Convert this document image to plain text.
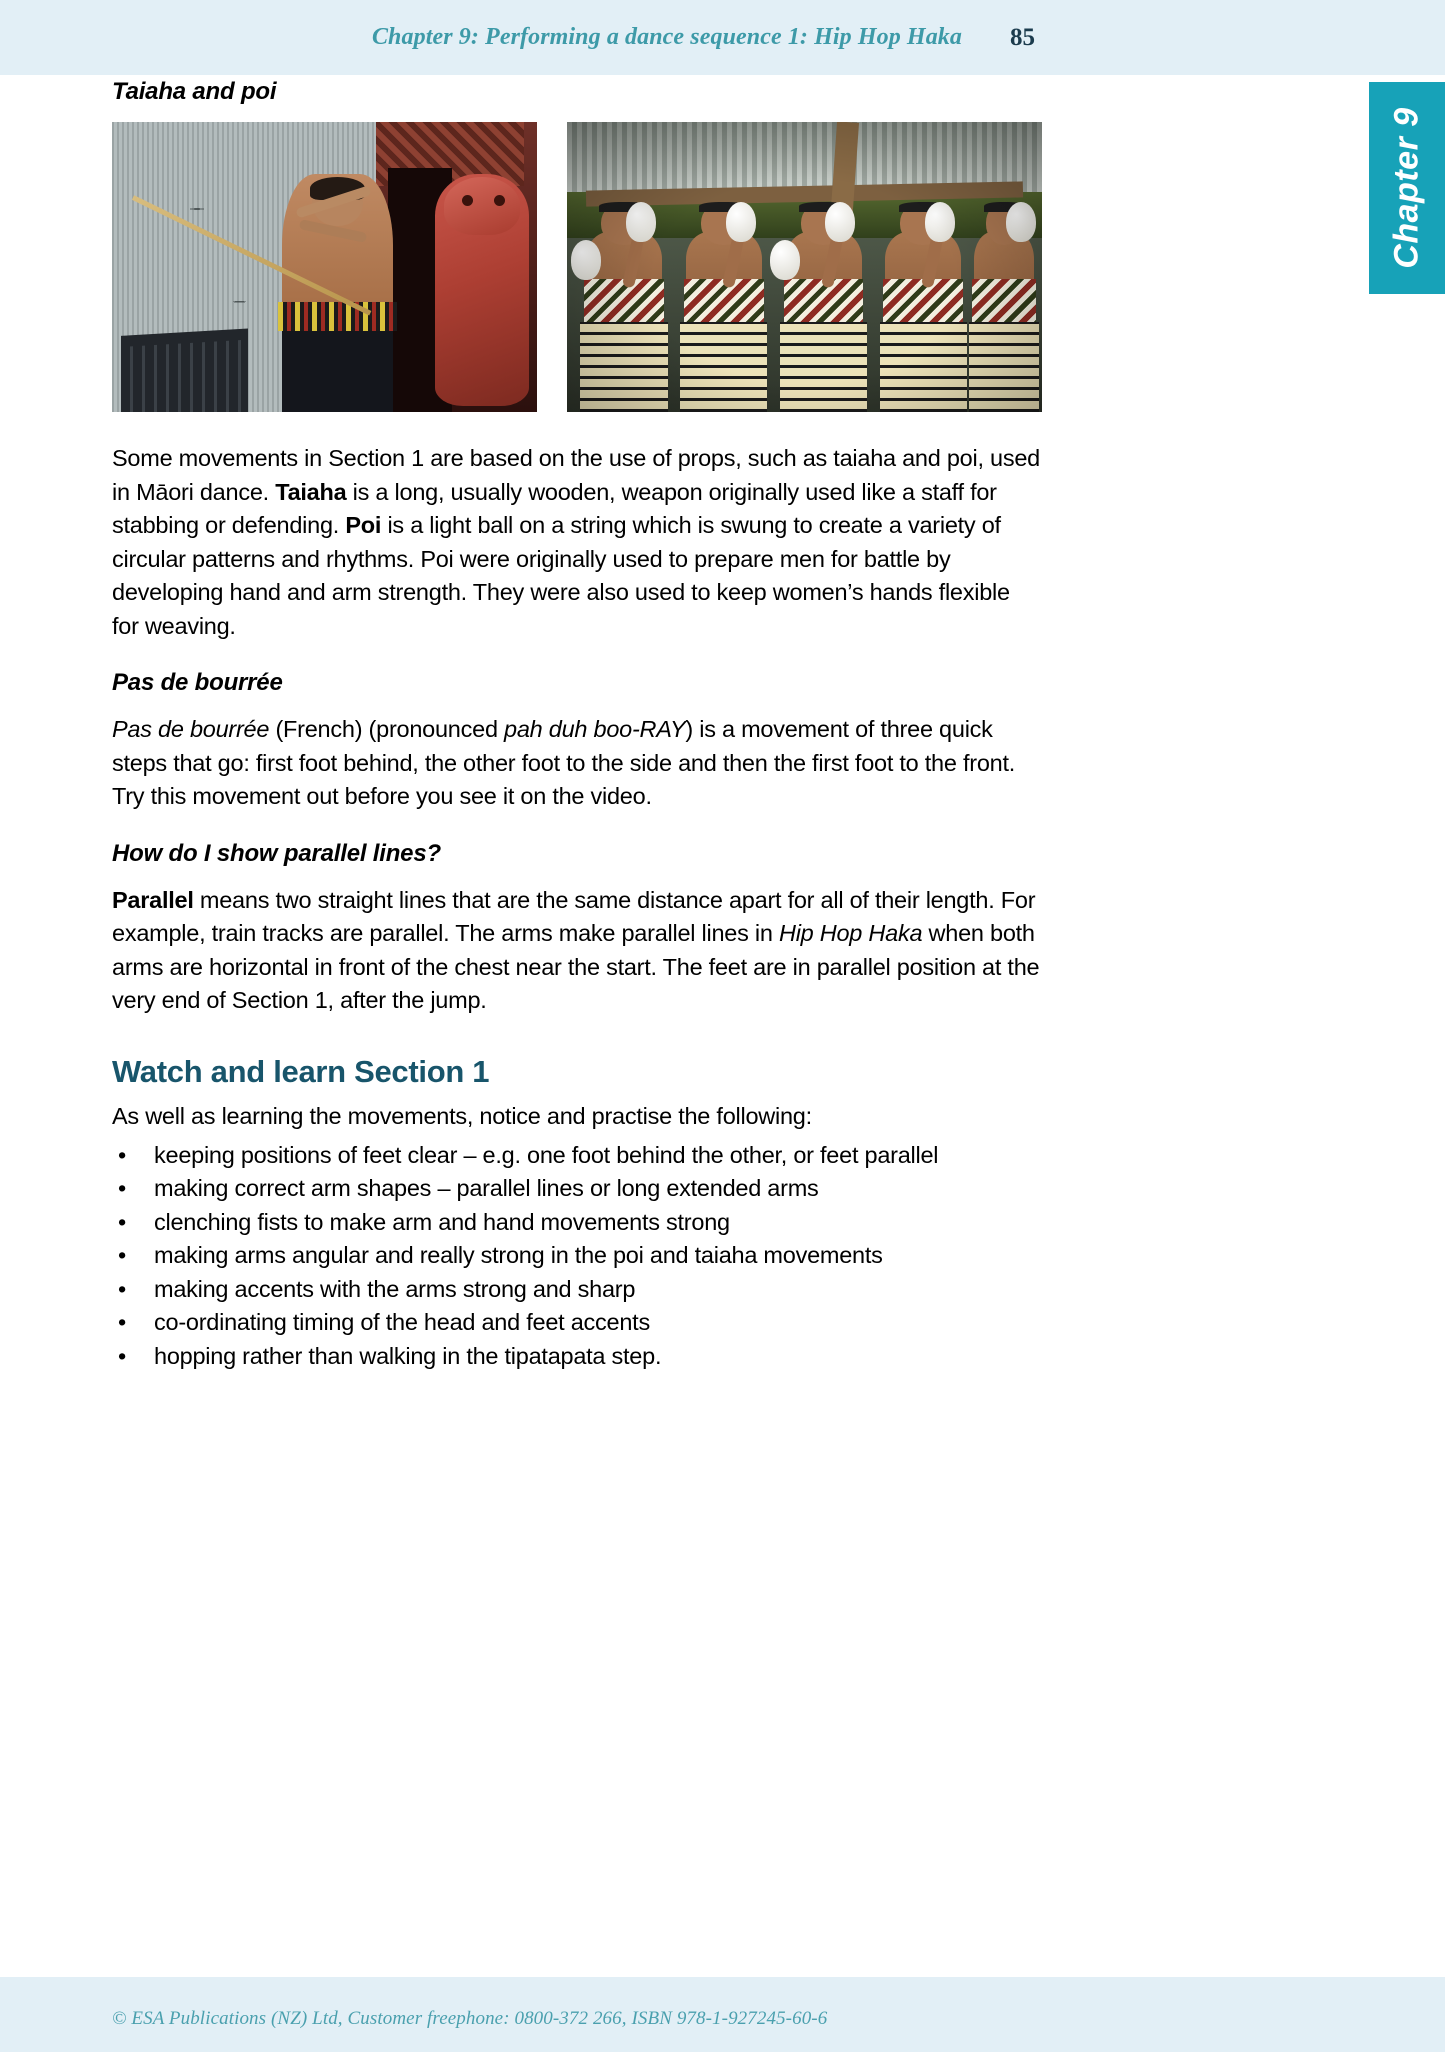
Chapter 9: Performing a dance sequence 1: Hip Hop Haka 85
Chapter 9
Taiaha and poi

Some movements in Section 1 are based on the use of props, such as taiaha and poi, used in Māori dance. Taiaha is a long, usually wooden, weapon originally used like a staff for stabbing or defending. Poi is a light ball on a string which is swung to create a variety of circular patterns and rhythms. Poi were originally used to prepare men for battle by developing hand and arm strength. They were also used to keep women’s hands flexible for weaving.

Pas de bourrée

Pas de bourrée (French) (pronounced pah duh boo-RAY) is a movement of three quick steps that go: first foot behind, the other foot to the side and then the first foot to the front. Try this movement out before you see it on the video.

How do I show parallel lines?

Parallel means two straight lines that are the same distance apart for all of their length. For example, train tracks are parallel. The arms make parallel lines in Hip Hop Haka when both arms are horizontal in front of the chest near the start. The feet are in parallel position at the very end of Section 1, after the jump.

Watch and learn Section 1

As well as learning the movements, notice and practise the following:

• keeping positions of feet clear – e.g. one foot behind the other, or feet parallel
• making correct arm shapes – parallel lines or long extended arms
• clenching fists to make arm and hand movements strong
• making arms angular and really strong in the poi and taiaha movements
• making accents with the arms strong and sharp
• co-ordinating timing of the head and feet accents
• hopping rather than walking in the tipatapata step.
© ESA Publications (NZ) Ltd, Customer freephone: 0800-372 266, ISBN 978-1-927245-60-6
